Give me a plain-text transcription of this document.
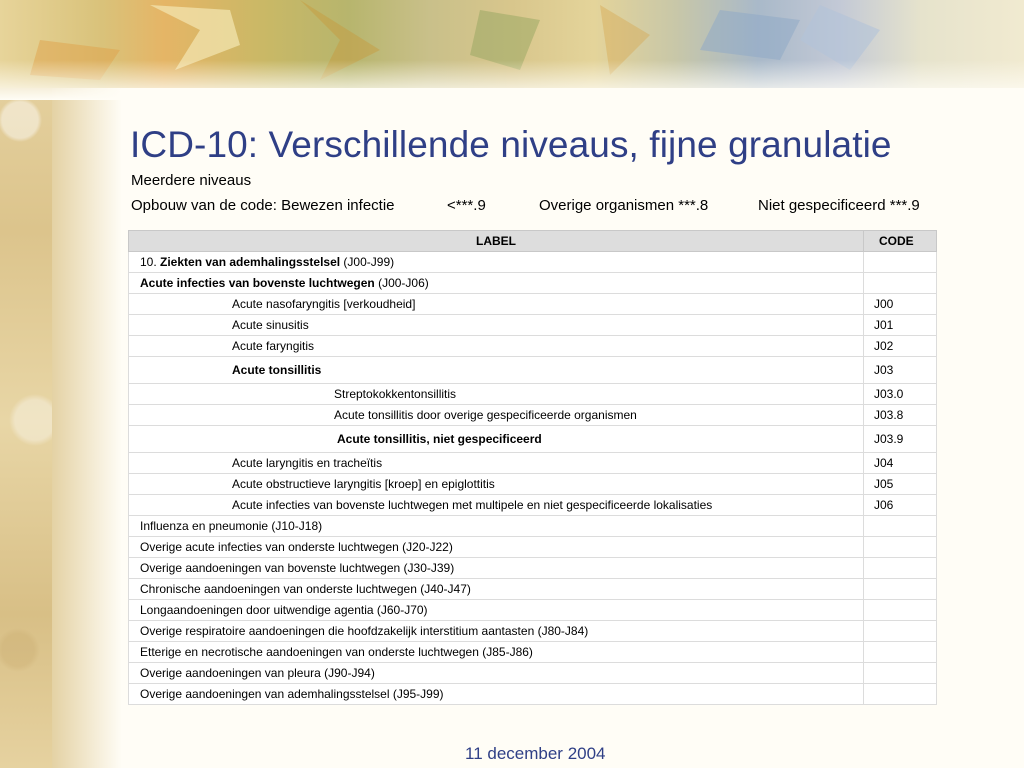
ICD-10: Verschillende niveaus, fijne granulatie
Meerdere niveaus
Opbouw van de code: Bewezen infectie	<***.9	Overige organismen ***.8	Niet gespecificeerd ***.9
LABEL	CODE
10. Ziekten van ademhalingsstelsel (J00-J99)	
Acute infecties van bovenste luchtwegen (J00-J06)	
Acute nasofaryngitis [verkoudheid]	J00
Acute sinusitis	J01
Acute faryngitis	J02
Acute tonsillitis	J03
Streptokokkentonsillitis	J03.0
Acute tonsillitis door overige gespecificeerde organismen	J03.8
Acute tonsillitis, niet gespecificeerd	J03.9
Acute laryngitis en tracheïtis	J04
Acute obstructieve laryngitis [kroep] en epiglottitis	J05
Acute infecties van bovenste luchtwegen met multipele en niet gespecificeerde lokalisaties	J06
Influenza en pneumonie (J10-J18)	
Overige acute infecties van onderste luchtwegen (J20-J22)	
Overige aandoeningen van bovenste luchtwegen (J30-J39)	
Chronische aandoeningen van onderste luchtwegen (J40-J47)	
Longaandoeningen door uitwendige agentia (J60-J70)	
Overige respiratoire aandoeningen die hoofdzakelijk interstitium aantasten (J80-J84)	
Etterige en necrotische aandoeningen van onderste luchtwegen (J85-J86)	
Overige aandoeningen van pleura (J90-J94)	
Overige aandoeningen van ademhalingsstelsel (J95-J99)	
11 december 2004
